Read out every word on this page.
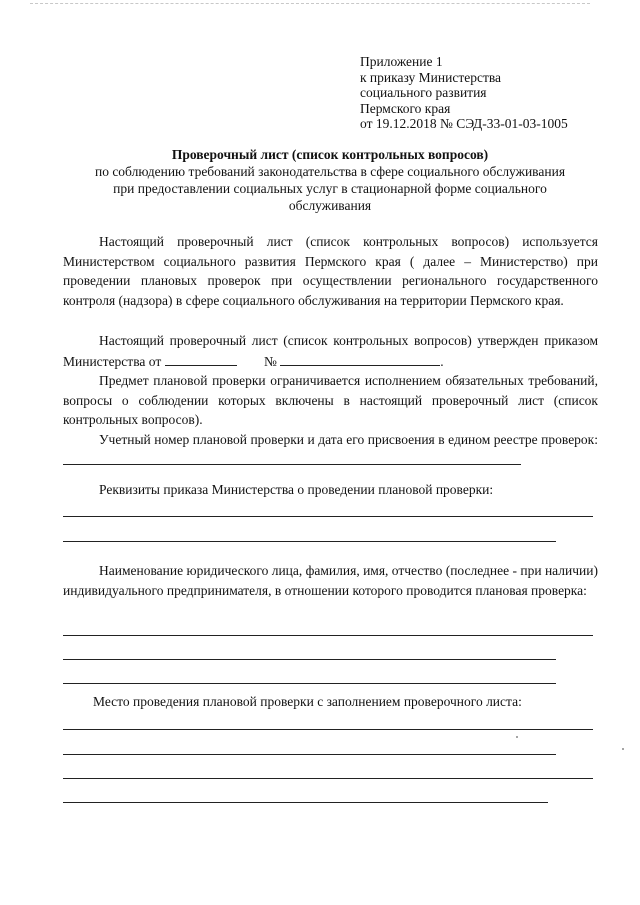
Приложение 1
к приказу Министерства
социального развития
Пермского края
от 19.12.2018 № СЭД-33-01-03-1005
Проверочный лист (список контрольных вопросов)
по соблюдению требований законодательства в сфере социального обслуживания
при предоставлении социальных услуг в стационарной форме социального
обслуживания
Настоящий проверочный лист (список контрольных вопросов) используется Министерством социального развития Пермского края ( далее – Министерство) при проведении плановых проверок при осуществлении регионального государственного контроля (надзора) в сфере социального обслуживания на территории Пермского края.
Настоящий проверочный лист (список контрольных вопросов) утвержден приказом Министерства от	№	.
Предмет плановой проверки ограничивается исполнением обязательных требований, вопросы о соблюдении которых включены в настоящий проверочный лист (список контрольных вопросов).
Учетный номер плановой проверки и дата его присвоения в едином реестре проверок:
Реквизиты приказа Министерства о проведении плановой проверки:
Наименование юридического лица, фамилия, имя, отчество (последнее - при наличии) индивидуального предпринимателя, в отношении которого проводится плановая проверка:
Место проведения плановой проверки с заполнением проверочного листа:
